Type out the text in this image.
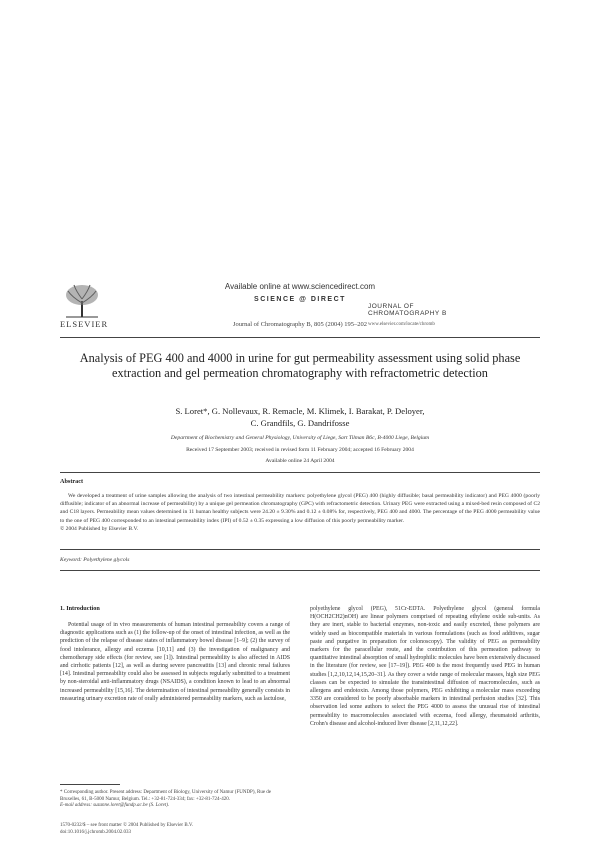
ELSEVIER
Available online at www.sciencedirect.com
SCIENCE @ DIRECT
Journal of Chromatography B, 805 (2004) 195–202
JOURNAL OF
CHROMATOGRAPHY B
www.elsevier.com/locate/chromb
Analysis of PEG 400 and 4000 in urine for gut permeability assessment using solid phase extraction and gel permeation chromatography with refractometric detection
S. Loret*, G. Nollevaux, R. Remacle, M. Klimek, I. Barakat, P. Deloyer,
C. Grandfils, G. Dandrifosse
Department of Biochemistry and General Physiology, University of Liege, Sart Tilman B6c, B-4000 Liege, Belgium
Received 17 September 2003; received in revised form 11 February 2004; accepted 16 February 2004
Available online 24 April 2004
Abstract
We developed a treatment of urine samples allowing the analysis of two intestinal permeability markers: polyethylene glycol (PEG) 400 (highly diffusible; basal permeability indicator) and PEG 4000 (poorly diffusible; indicator of an abnormal increase of permeability) by a unique gel permeation chromatography (GPC) with refractometric detection. Urinary PEG were extracted using a mixed-bed resin composed of C2 and C18 layers. Permeability mean values determined in 11 human healthy subjects were 24.20 ± 9.30% and 0.12 ± 0.08% for, respectively, PEG 400 and 4000. The percentage of the PEG 4000 permeability value to the one of PEG 400 corresponded to an intestinal permeability index (IPI) of 0.52 ± 0.35 expressing a low diffusion of this poorly permeability marker.
© 2004 Published by Elsevier B.V.
Keyword: Polyethylene glycols
1. Introduction
Potential usage of in vivo measurements of human intestinal permeability covers a range of diagnostic applications such as (1) the follow-up of the onset of intestinal infection, as well as the prediction of the relapse of disease states of inflammatory bowel disease [1–9]; (2) the survey of food intolerance, allergy and eczema [10,11] and (3) the investigation of malignancy and chemotherapy side effects (for review, see [1]). Intestinal permeability is also affected in AIDS and cirrhotic patients [12], as well as during severe pancreatitis [13] and chronic renal failures [14]. Intestinal permeability could also be assessed in subjects regularly submitted to a treatment by non-steroidal anti-inflammatory drugs (NSAIDS), a condition known to lead to an abnormal increased permeability [15,16]. The determination of intestinal permeability generally consists in measuring urinary excretion rate of orally administered permeability markers, such as lactulose,
polyethylene glycol (PEG), 51Cr-EDTA. Polyethylene glycol (general formula H(OCH2CH2)nOH) are linear polymers comprised of repeating ethylene oxide sub-units. As they are inert, stable to bacterial enzymes, non-toxic and easily excreted, these polymers are widely used as biocompatible materials in various formulations (such as food additives, sugar paste and purgative in preparation for colonoscopy). The validity of PEG as permeability markers for the paracellular route, and the contribution of this permeation pathway to quantitative intestinal absorption of small hydrophilic molecules have been extensively discussed in the literature (for review, see [17–19]). PEG 400 is the most frequently used PEG in human studies [1,2,10,12,14,15,20–31]. As they cover a wide range of molecular masses, high size PEG classes can be expected to simulate the transintestinal diffusion of macromolecules, such as allergens and endotoxin. Among those polymers, PEG exhibiting a molecular mass exceeding 3350 are considered to be poorly absorbable markers in intestinal perfusion studies [32]. This observation led some authors to select the PEG 4000 to assess the unusual rise of intestinal permeability to macromolecules associated with eczema, food allergy, rheumatoid arthritis, Crohn's disease and alcohol-induced liver disease [2,11,12,22].
* Corresponding author. Present address: Department of Biology, University of Namur (FUNDP), Rue de Bruxelles, 61, B-5000 Namur, Belgium. Tel.: +32-81-724-334; fax: +32-81-724-420.
E-mail address: suzanne.loret@fundp.ac.be (S. Loret).
1570-0232/$ – see front matter © 2004 Published by Elsevier B.V.
doi:10.1016/j.jchromb.2004.02.033
